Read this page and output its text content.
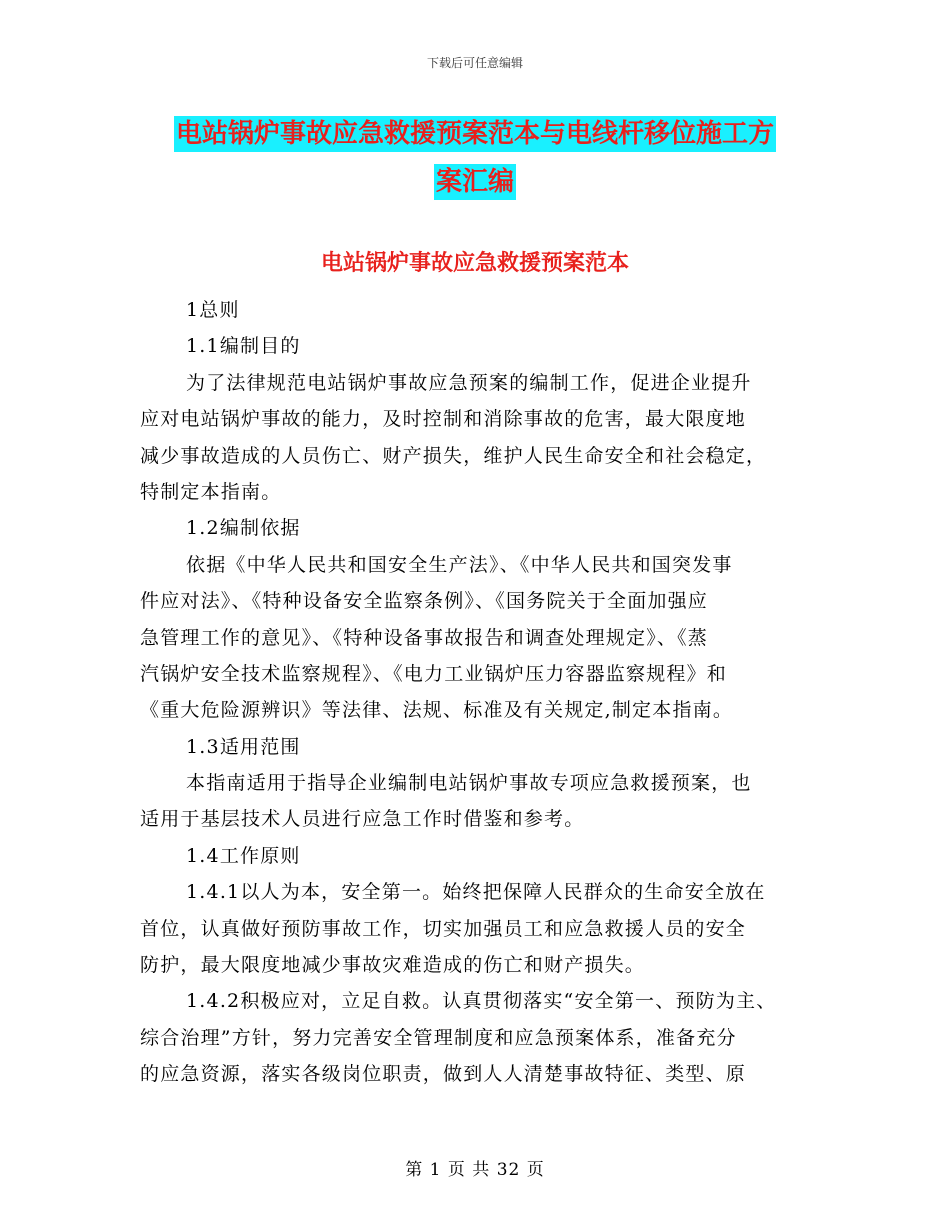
下载后可任意编辑
电站锅炉事故应急救援预案范本与电线杆移位施工方
案汇编
电站锅炉事故应急救援预案范本
1总则
1.1编制目的
为了法律规范电站锅炉事故应急预案的编制工作，促进企业提升
应对电站锅炉事故的能力，及时控制和消除事故的危害，最大限度地
减少事故造成的人员伤亡、财产损失，维护人民生命安全和社会稳定，
特制定本指南。
1.2编制依据
依据《中华人民共和国安全生产法》、《中华人民共和国突发事
件应对法》、《特种设备安全监察条例》、《国务院关于全面加强应
急管理工作的意见》、《特种设备事故报告和调查处理规定》、《蒸
汽锅炉安全技术监察规程》、《电力工业锅炉压力容器监察规程》和
《重大危险源辨识》等法律、法规、标准及有关规定,制定本指南。
1.3适用范围
本指南适用于指导企业编制电站锅炉事故专项应急救援预案，也
适用于基层技术人员进行应急工作时借鉴和参考。
1.4工作原则
1.4.1以人为本，安全第一。始终把保障人民群众的生命安全放在
首位，认真做好预防事故工作，切实加强员工和应急救援人员的安全
防护，最大限度地减少事故灾难造成的伤亡和财产损失。
1.4.2积极应对，立足自救。认真贯彻落实“安全第一、预防为主、
综合治理”方针，努力完善安全管理制度和应急预案体系，准备充分
的应急资源，落实各级岗位职责，做到人人清楚事故特征、类型、原
第 1 页 共 32 页
